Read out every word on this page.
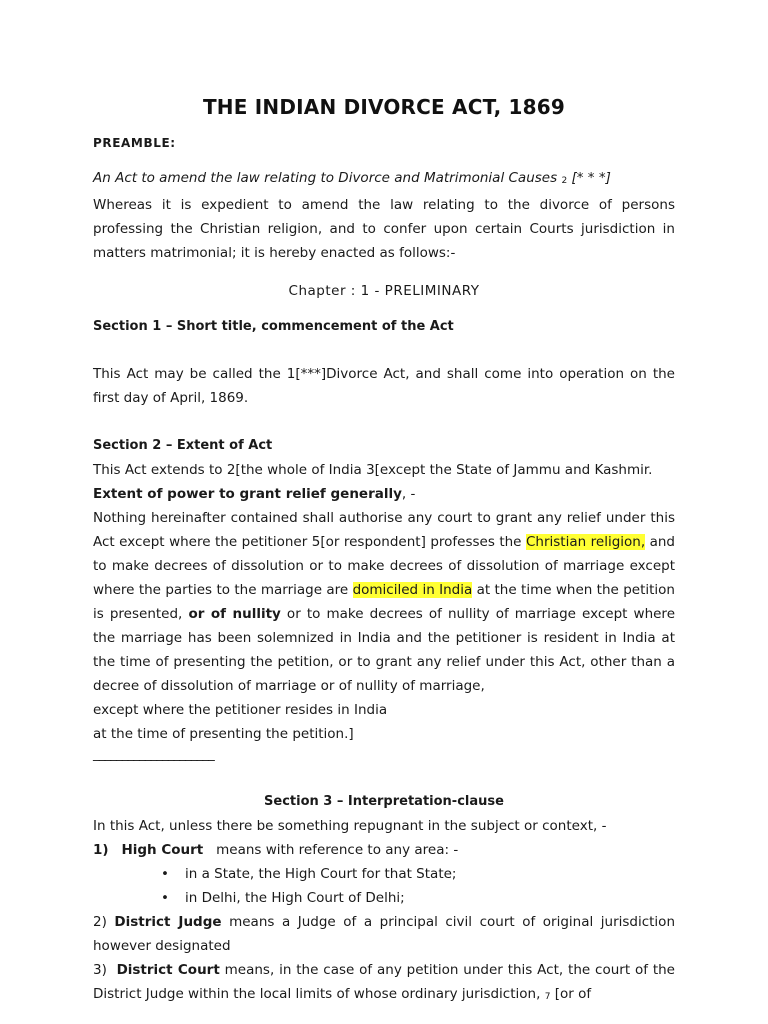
THE INDIAN DIVORCE ACT, 1869
PREAMBLE:
An Act to amend the law relating to Divorce and Matrimonial Causes 2 [* * *]

Whereas it is expedient to amend the law relating to the divorce of persons professing the Christian religion, and to confer upon certain Courts jurisdiction in matters matrimonial; it is hereby enacted as follows:-

Chapter : 1 - PRELIMINARY
Section 1 – Short title, commencement of the Act

This Act may be called the 1[***]Divorce Act, and shall come into operation on the

first day of April, 1869.
Section 2 – Extent of Act
This Act extends to 2[the whole of India 3[except the State of Jammu and Kashmir.
Extent of power to grant relief generally, -

Nothing hereinafter contained shall authorise any court to grant any relief under this Act except where the petitioner 5[or respondent] professes the Christian religion, and to make decrees of dissolution or to make decrees of dissolution of marriage except where the parties to the marriage are domiciled in India at the time when the petition is presented, or of nullity or to make decrees of nullity of marriage except where the marriage has been solemnized in India and the petitioner is resident in India at the time of presenting the petition, or to grant any relief under this Act, other than a decree of dissolution of marriage or of nullity of marriage,

except where the petitioner resides in India
at the time of presenting the petition.]
_____________________
Section 3 – Interpretation-clause
In this Act, unless there be something repugnant in the subject or context, -
1) High Court means with reference to any area: -
•	in a State, the High Court for that State;
•	in Delhi, the High Court of Delhi;

2) District Judge means a Judge of a principal civil court of original jurisdiction however designated

3) District Court means, in the case of any petition under this Act, the court of the District Judge within the local limits of whose ordinary jurisdiction, 7 [or of
